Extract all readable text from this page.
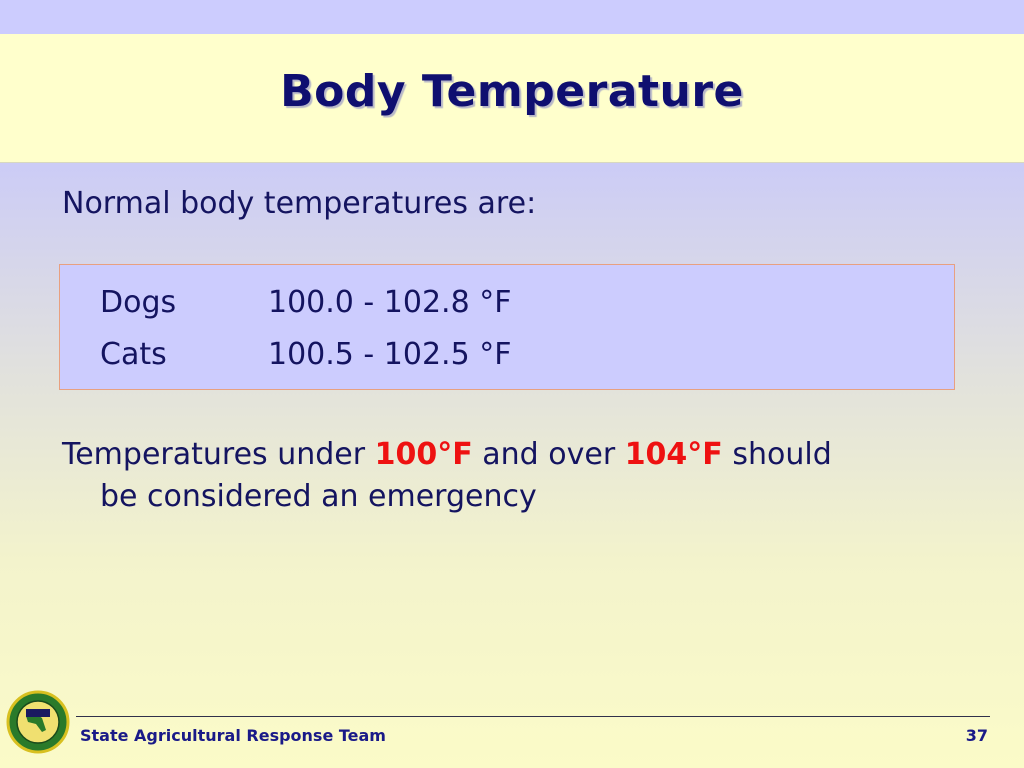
Body Temperature
Normal body temperatures are:
Dogs	100.0 - 102.8 °F
Cats	100.5 - 102.5 °F
Temperatures under 100°F and over 104°F should
be considered an emergency
State Agricultural Response Team	37
